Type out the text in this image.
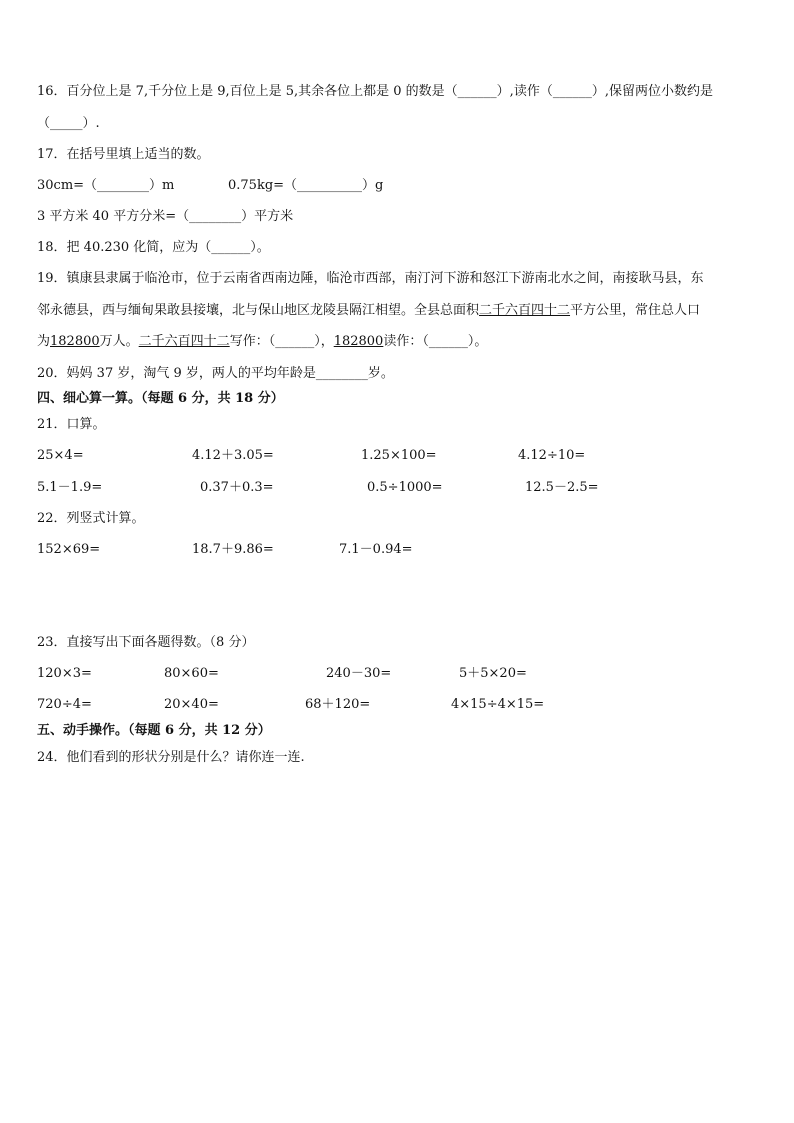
16．百分位上是 7,千分位上是 9,百位上是 5,其余各位上都是 0 的数是（______）,读作（______）,保留两位小数约是
（_____）.
17．在括号里填上适当的数。
30cm=（________）m	0.75kg=（__________）g
3 平方米 40 平方分米=（________）平方米
18．把 40.230 化简，应为（______）。
19．镇康县隶属于临沧市，位于云南省西南边陲，临沧市西部，南汀河下游和怒江下游南北水之间，南接耿马县，东
邻永德县，西与缅甸果敢县接壤，北与保山地区龙陵县隔江相望。全县总面积二千六百四十二平方公里，常住总人口
为182800万人。二千六百四十二写作：（______），182800读作：（______）。
20．妈妈 37 岁，淘气 9 岁，两人的平均年龄是________岁。
四、细心算一算。（每题 6 分，共 18 分）
21．口算。
25×4=	4.12＋3.05=	1.25×100=	4.12÷10=
5.1－1.9=	0.37＋0.3=	0.5÷1000=	12.5－2.5=
22．列竖式计算。
152×69=	18.7＋9.86=	7.1－0.94=
23．直接写出下面各题得数。（8 分）
120×3=	80×60=	240－30=	5＋5×20=
720÷4=	20×40=	68＋120=	4×15÷4×15=
五、动手操作。（每题 6 分，共 12 分）
24．他们看到的形状分别是什么？请你连一连.
